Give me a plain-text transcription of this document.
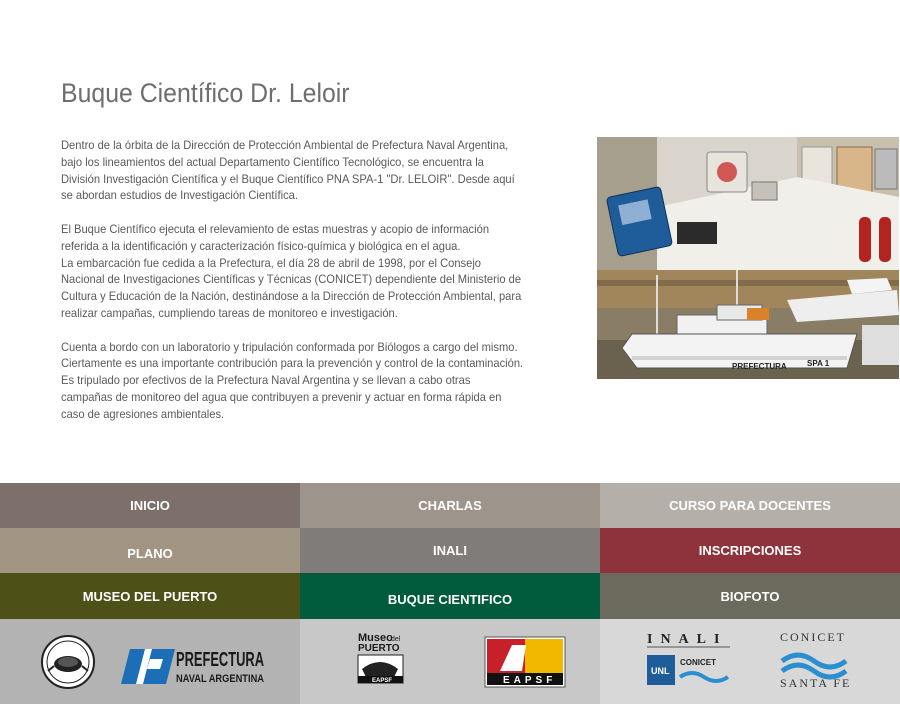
Buque Científico Dr. Leloir

Dentro de la órbita de la Dirección de Protección Ambiental de Prefectura Naval Argentina,
bajo los lineamientos del actual Departamento Científico Tecnológico, se encuentra la
División Investigación Científica y el Buque Científico PNA SPA-1 "Dr. LELOIR". Desde aquí
se abordan estudios de Investigación Científica.

El Buque Científico ejecuta el relevamiento de estas muestras y acopio de información
referida a la identificación y caracterización físico-química y biológica en el agua.
La embarcación fue cedida a la Prefectura, el día 28 de abril de 1998, por el Consejo
Nacional de Investigaciones Científicas y Técnicas (CONICET) dependiente del Ministerio de
Cultura y Educación de la Nación, destinándose a la Dirección de Protección Ambiental, para
realizar campañas, cumpliendo tareas de monitoreo e investigación.

Cuenta a bordo con un laboratorio y tripulación conformada por Biólogos a cargo del mismo.
Ciertamente es una importante contribución para la prevención y control de la contaminación.
Es tripulado por efectivos de la Prefectura Naval Argentina y se llevan a cabo otras
campañas de monitoreo del agua que contribuyen a prevenir y actuar en forma rápida en
caso de agresiones ambientales.

PREFECTURA	SPA 1
INICIO	CHARLAS	CURSO PARA DOCENTES
PLANO	INALI	INSCRIPCIONES
MUSEO DEL PUERTO	BUQUE CIENTIFICO	BIOFOTO
PREFECTURA
NAVAL ARGENTINA
Museo
del
PUERTO
EAPSF	EAPSF
INALI
UNL
CONICET
CONICET
SANTA FE
